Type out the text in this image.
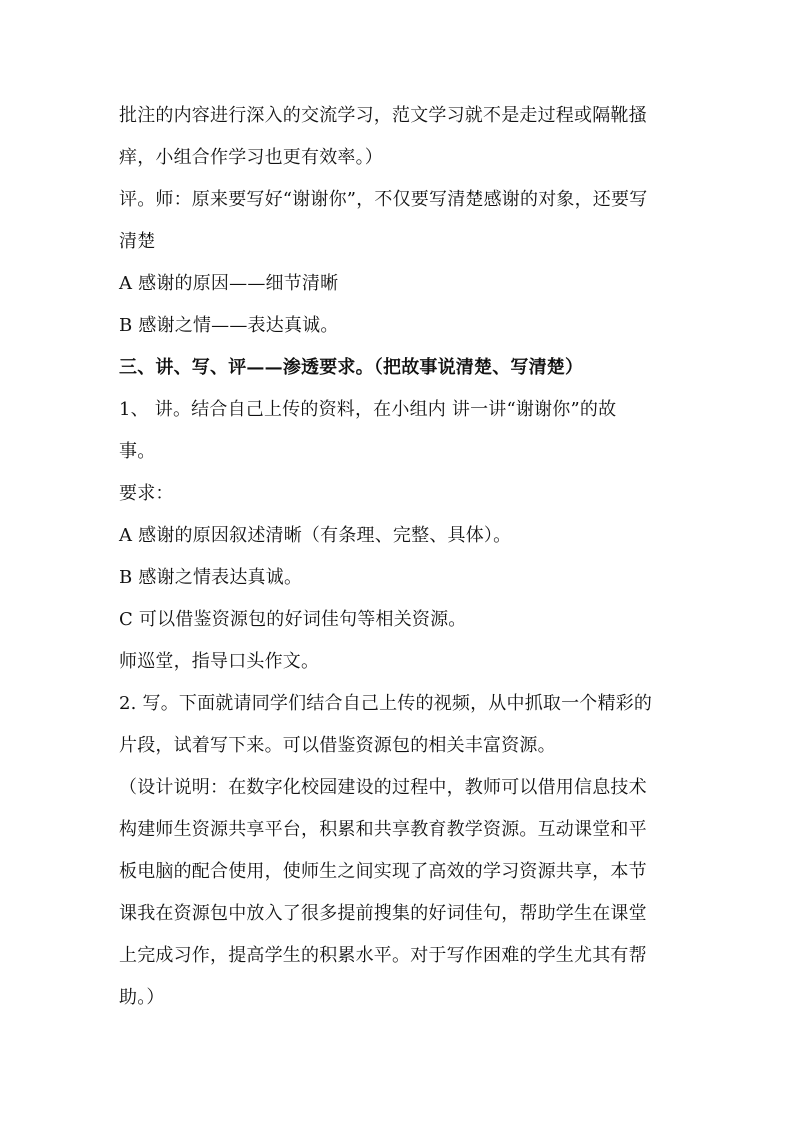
批注的内容进行深入的交流学习，范文学习就不是走过程或隔靴搔
痒，小组合作学习也更有效率。）
评。师：原来要写好“谢谢你”，不仅要写清楚感谢的对象，还要写
清楚
A 感谢的原因——细节清晰
B 感谢之情——表达真诚。
三、讲、写、评——渗透要求。（把故事说清楚、写清楚）
1、 讲。结合自己上传的资料，在小组内 讲一讲“谢谢你”的故
事。
要求：
A 感谢的原因叙述清晰（有条理、完整、具体）。
B 感谢之情表达真诚。
C 可以借鉴资源包的好词佳句等相关资源。
师巡堂，指导口头作文。
2. 写。下面就请同学们结合自己上传的视频，从中抓取一个精彩的
片段，试着写下来。可以借鉴资源包的相关丰富资源。
（设计说明：在数字化校园建设的过程中，教师可以借用信息技术
构建师生资源共享平台，积累和共享教育教学资源。互动课堂和平
板电脑的配合使用，使师生之间实现了高效的学习资源共享，本节
课我在资源包中放入了很多提前搜集的好词佳句，帮助学生在课堂
上完成习作，提高学生的积累水平。对于写作困难的学生尤其有帮
助。）
